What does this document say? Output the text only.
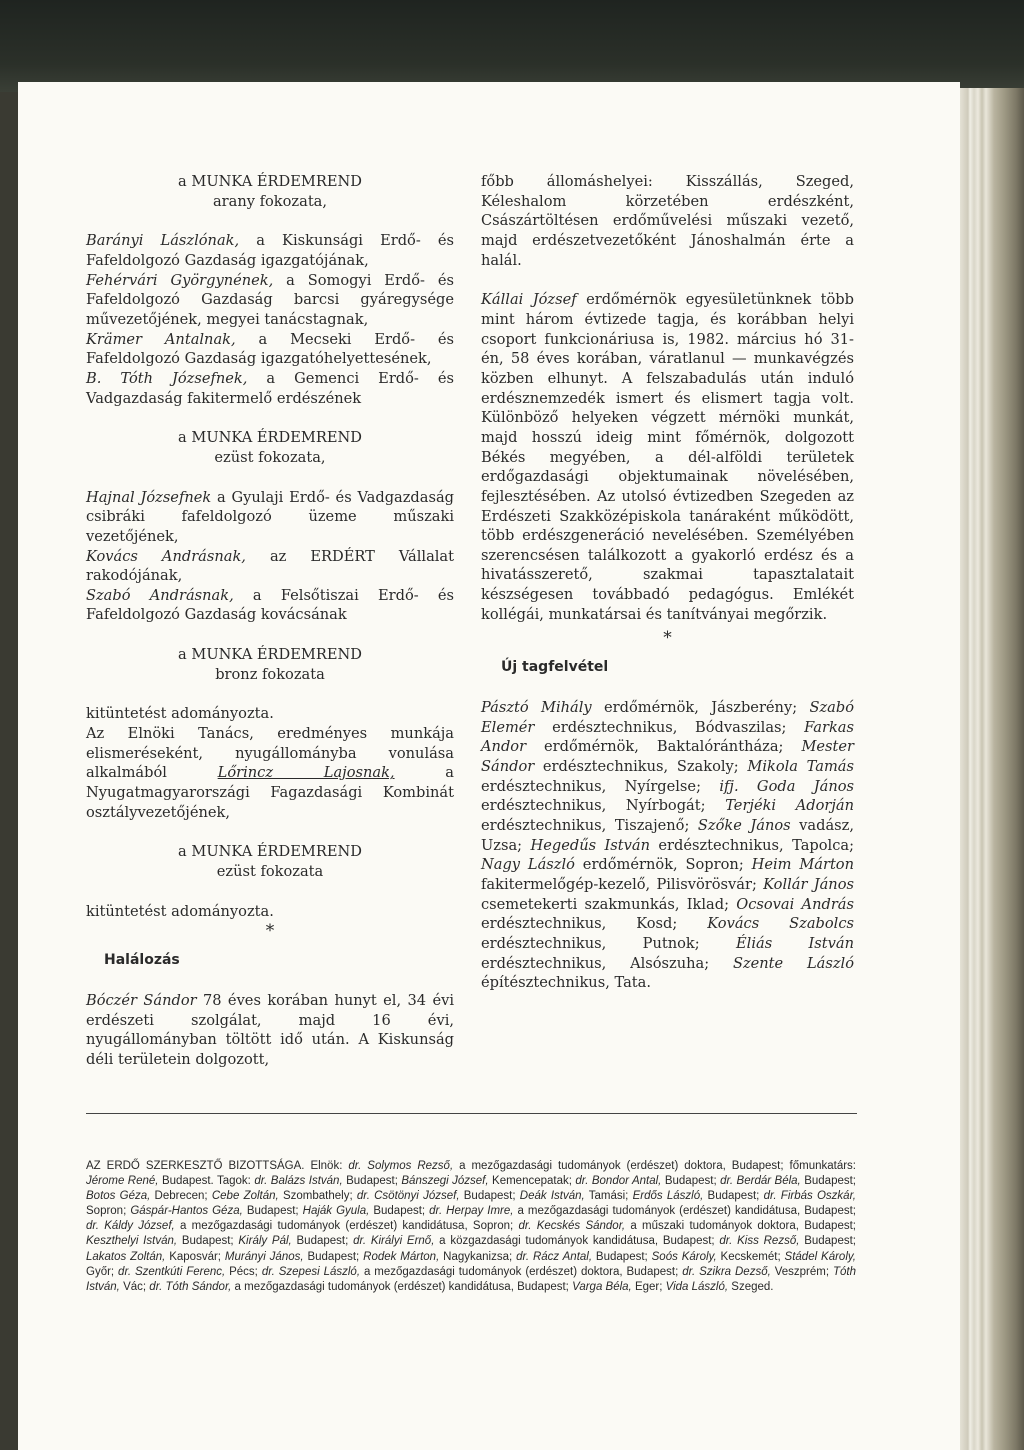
a MUNKA ÉRDEMREND

arany fokozata,

Barányi Lászlónak, a Kiskunsági Erdő- és Fafeldolgozó Gazdaság igazgatójának,

Fehérvári Györgynének, a Somogyi Erdő- és Fafeldolgozó Gazdaság barcsi gyáregysége művezetőjének, megyei tanácstagnak,

Krämer Antalnak, a Mecseki Erdő- és Fafeldolgozó Gazdaság igazgatóhelyettesének,

B. Tóth Józsefnek, a Gemenci Erdő- és Vadgazdaság fakitermelő erdészének

a MUNKA ÉRDEMREND

ezüst fokozata,

Hajnal Józsefnek a Gyulaji Erdő- és Vadgazdaság csibráki fafeldolgozó üzeme műszaki vezetőjének,

Kovács Andrásnak, az ERDÉRT Vállalat rakodójának,

Szabó Andrásnak, a Felsőtiszai Erdő- és Fafeldolgozó Gazdaság kovácsának

a MUNKA ÉRDEMREND

bronz fokozata

kitüntetést adományozta.

Az Elnöki Tanács, eredményes munkája elismeréseként, nyugállományba vonulása alkalmából Lőrincz Lajosnak, a Nyugatmagyarországi Fagazdasági Kombinát osztályvezetőjének,

a MUNKA ÉRDEMREND

ezüst fokozata

kitüntetést adományozta.

*

Halálozás

Bóczér Sándor 78 éves korában hunyt el, 34 évi erdészeti szolgálat, majd 16 évi, nyugállományban töltött idő után. A Kiskunság déli területein dolgozott,

főbb állomáshelyei: Kisszállás, Szeged, Kéleshalom körzetében erdészként, Császártöltésen erdőművelési műszaki vezető, majd erdészetvezetőként Jánoshalmán érte a halál.

Kállai József erdőmérnök egyesületünknek több mint három évtizede tagja, és korábban helyi csoport funkcionáriusa is, 1982. március hó 31-én, 58 éves korában, váratlanul — munkavégzés közben elhunyt. A felszabadulás után induló erdésznemzedék ismert és elismert tagja volt. Különböző helyeken végzett mérnöki munkát, majd hosszú ideig mint főmérnök, dolgozott Békés megyében, a dél-alföldi területek erdőgazdasági objektumainak növelésében, fejlesztésében. Az utolsó évtizedben Szegeden az Erdészeti Szakközépiskola tanáraként működött, több erdészgeneráció nevelésében. Személyében szerencsésen találkozott a gyakorló erdész és a hivatásszerető, szakmai tapasztalatait készségesen továbbadó pedagógus. Emlékét kollégái, munkatársai és tanítványai megőrzik.

*

Új tagfelvétel

Pásztó Mihály erdőmérnök, Jászberény; Szabó Elemér erdésztechnikus, Bódvaszilas; Farkas Andor erdőmérnök, Baktalórántháza; Mester Sándor erdésztechnikus, Szakoly; Mikola Tamás erdésztechnikus, Nyírgelse; ifj. Goda János erdésztechnikus, Nyírbogát; Terjéki Adorján erdésztechnikus, Tiszajenő; Szőke János vadász, Uzsa; Hegedűs István erdésztechnikus, Tapolca; Nagy László erdőmérnök, Sopron; Heim Márton fakitermelőgép-kezelő, Pilisvörösvár; Kollár János csemetekerti szakmunkás, Iklad; Ocsovai András erdésztechnikus, Kosd; Kovács Szabolcs erdésztechnikus, Putnok; Éliás István erdésztechnikus, Alsószuha; Szente László építésztechnikus, Tata.

AZ ERDŐ SZERKESZTŐ BIZOTTSÁGA. Elnök: dr. Solymos Rezső, a mezőgazdasági tudományok (erdészet) doktora, Budapest; főmunkatárs: Jérome René, Budapest. Tagok: dr. Balázs István, Budapest; Bánszegi József, Kemencepatak; dr. Bondor Antal, Budapest; dr. Berdár Béla, Budapest; Botos Géza, Debrecen; Cebe Zoltán, Szombathely; dr. Csötönyi József, Budapest; Deák István, Tamási; Erdős László, Budapest; dr. Firbás Oszkár, Sopron; Gáspár-Hantos Géza, Budapest; Haják Gyula, Budapest; dr. Herpay Imre, a mezőgazdasági tudományok (erdészet) kandidátusa, Budapest; dr. Káldy József, a mezőgazdasági tudományok (erdészet) kandidátusa, Sopron; dr. Kecskés Sándor, a műszaki tudományok doktora, Budapest; Keszthelyi István, Budapest; Király Pál, Budapest; dr. Királyi Ernő, a közgazdasági tudományok kandidátusa, Budapest; dr. Kiss Rezső, Budapest; Lakatos Zoltán, Kaposvár; Murányi János, Budapest; Rodek Márton, Nagykanizsa; dr. Rácz Antal, Budapest; Soós Károly, Kecskemét; Stádel Károly, Győr; dr. Szentkúti Ferenc, Pécs; dr. Szepesi László, a mezőgazdasági tudományok (erdészet) doktora, Budapest; dr. Szikra Dezső, Veszprém; Tóth István, Vác; dr. Tóth Sándor, a mezőgazdasági tudományok (erdészet) kandidátusa, Budapest; Varga Béla, Eger; Vida László, Szeged.
